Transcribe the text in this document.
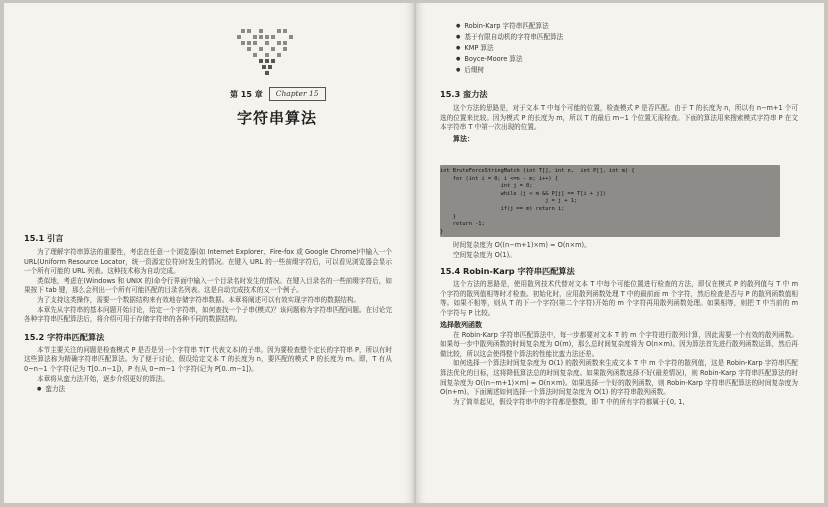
第 15 章	Chapter 15
字符串算法

15.1 引言

为了理解字符串算法的重要性，考虑在任意一个浏览器(如 Internet Explorer、Fire-fox 或 Google Chrome)中输入一个 URL(Uniform Resource Locator，统一资源定位符)时发生的情况。在键入 URL 的一些前缀字符后，可以看见浏览器会显示一个所有可能的 URL 列表。这种技术称为自动完成。

类似地，考虑在(Windows 和 UNIX 的)命令行界面中输入一个目录名时发生的情况。在键入目录名的一些前缀字符后，如果按下 tab 键，那么会列出一个所有可能匹配的目录名列表。这是自动完成技术的又一个例子。

为了支持这类操作，需要一个数据结构来有效地存储字符串数据。本章将阐述可以有效实现字符串的数据结构。

本章先从字符串的基本问题开始讨论，给定一个字符串，如何查找一个子串(模式)？该问题称为字符串匹配问题。在讨论完各种字符串匹配算法后，将介绍可用于存储字符串的各种不同的数据结构。

15.2 字符串匹配算法

本节主要关注的问题是检查模式 P 是否是另一个字符串 T(T 代表文本)的子串。因为要检查整个定长的字符串 P，所以有时这些算法称为精确字符串匹配算法。为了便于讨论，假设给定文本 T 的长度为 n，要匹配的模式 P 的长度为 m。即，T 有从 0~n−1 个字符(记为 T[0..n−1])，P 有从 0~m−1 个字符(记为 P[0..m−1])。

本章将从蛮力法开始，逐步介绍更好的算法。

● 蛮力法

● Robin-Karp 字符串匹配算法

● 基于有限自动机的字符串匹配算法

● KMP 算法

● Boyce-Moore 算法

● 后缀树

15.3 蛮力法

这个方法的思路是，对于文本 T 中每个可能的位置，检查模式 P 是否匹配。由于 T 的长度为 n，所以有 n−m+1 个可选的位置来比较。因为模式 P 的长度为 m，所以 T 的最后 m−1 个位置无需检查。下面的算法用来搜索模式字符串 P 在文本字符串 T 中第一次出现的位置。

算法：

int BruteForceStringMatch (int T[], int n,  int P[], int m) {

for (int i = 0; i <=n - m; i++) {

int j = 0;

while (j < m && P[j] == T[i + j])

j = j + 1;

if(j == m) return i;

}

return -1;

}

时间复杂度为 O((n−m+1)×m) ≈ O(n×m)。

空间复杂度为 O(1)。

15.4 Robin-Karp 字符串匹配算法

这个方法的思路是，使用散列技术代替对文本 T 中每个可能位置进行检查的方法，即仅在模式 P 的散列值与 T 中 m 个字符的散列值相等时才检查。初始化时，应用散列函数处理 T 中的最前面 m 个字符，然后检查是否与 P 的散列函数值相等。如果不相等，则从 T 的下一个字符(第二个字符)开始的 m 个字符再用散列函数处理。如果相等，则把 T 中当前的 m 个字符与 P 比较。

选择散列函数

在 Robin-Karp 字符串匹配算法中，每一步都要对文本 T 的 m 个字符进行散列计算，因此需要一个有效的散列函数。如果每一步中散列函数的时间复杂度为 O(m)，那么总时间复杂度将为 O(n×m)。因为算法首先进行散列函数运算，然后再做比较，所以这会使得整个算法的性能比蛮力法还差。

如何选择一个算法时间复杂度为 O(1) 的散列函数来生成文本 T 中 m 个字符的散列值，这是 Robin-Karp 字符串匹配算法优化的目标，这将降低算法总的时间复杂度。如果散列函数选择不好(最差情况)，则 Robin-Karp 字符串匹配算法的时间复杂度为 O((n−m+1)×m) ≈ O(n×m)。如果选择一个好的散列函数，则 Robin-Karp 字符串匹配算法的时间复杂度为 O(n+m)。下面阐述如何选择一个算法时间复杂度为 O(1) 的字符串散列函数。

为了简单起见，假设字符串中的字符都是整数，即 T 中的所有字符都属于{0, 1,
